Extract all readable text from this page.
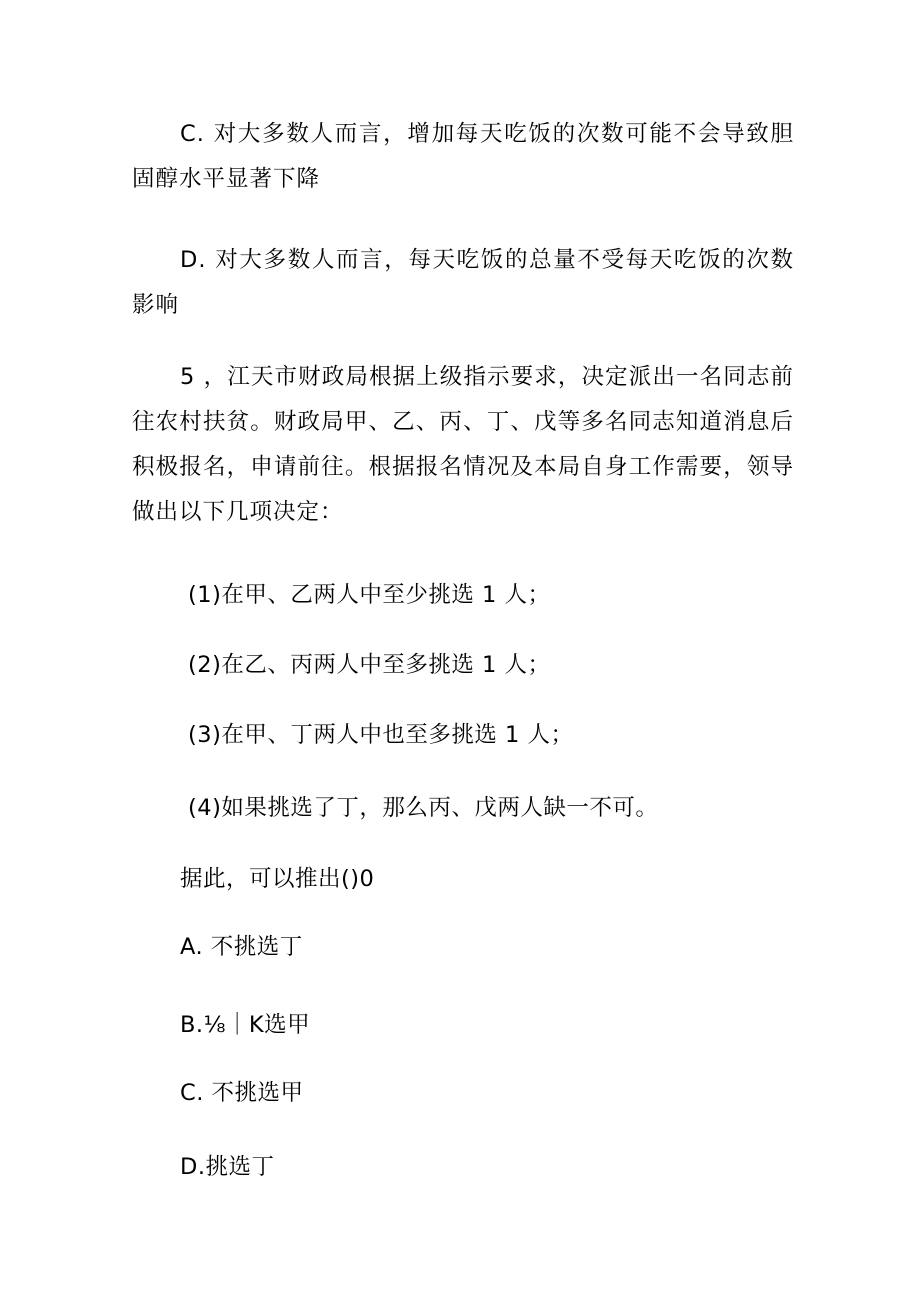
C. 对大多数人而言，增加每天吃饭的次数可能不会导致胆固醇水平显著下降

D. 对大多数人而言，每天吃饭的总量不受每天吃饭的次数影响

5 ，江天市财政局根据上级指示要求，决定派出一名同志前往农村扶贫。财政局甲、乙、丙、丁、戊等多名同志知道消息后积极报名，申请前往。根据报名情况及本局自身工作需要，领导做出以下几项决定：

(1)在甲、乙两人中至少挑选 1 人；

(2)在乙、丙两人中至多挑选 1 人；

(3)在甲、丁两人中也至多挑选 1 人；

(4)如果挑选了丁，那么丙、戊两人缺一不可。

据此，可以推出()0

A. 不挑选丁

B.⅛｜K选甲

C. 不挑选甲

D.挑选丁
